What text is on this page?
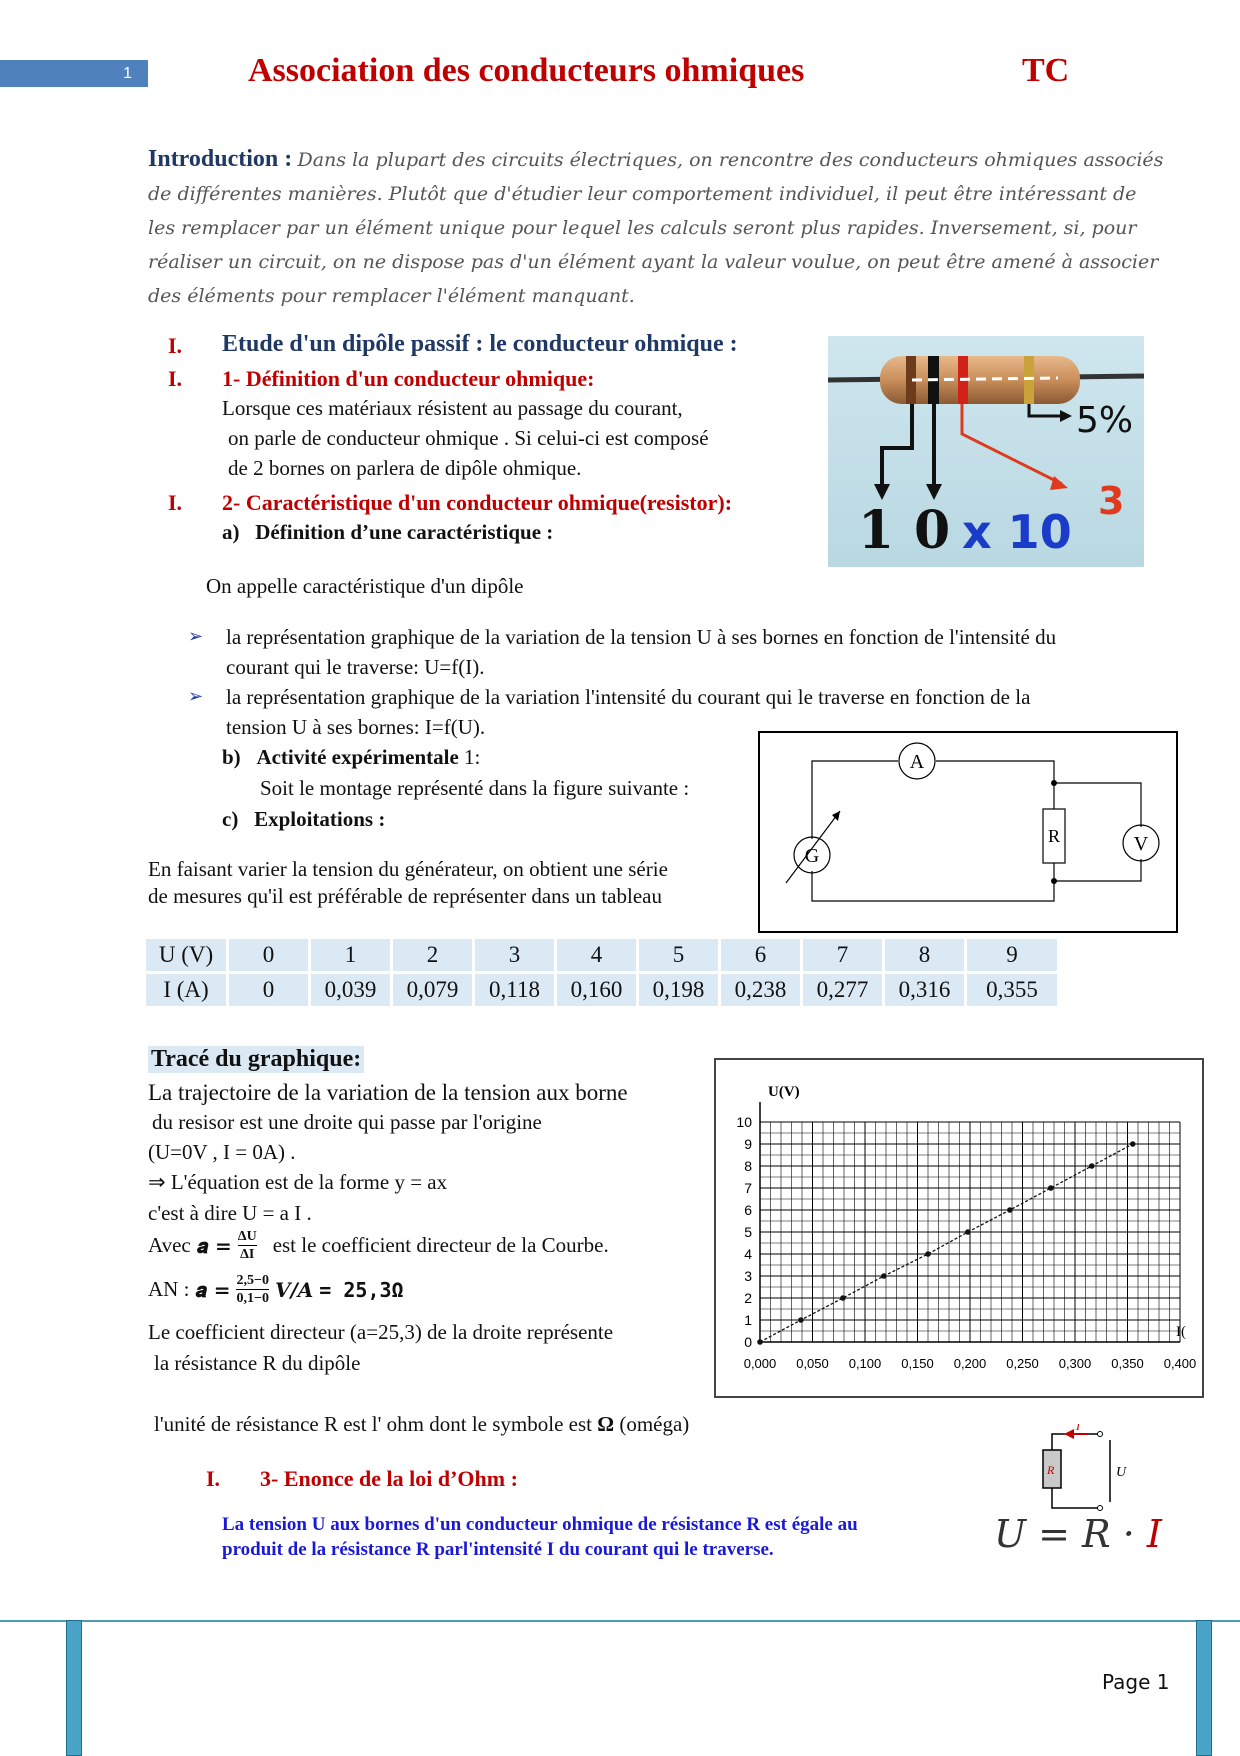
1	Association des conducteurs ohmiques	TC
Introduction : Dans la plupart des circuits électriques, on rencontre des conducteurs ohmiques associés de différentes manières. Plutôt que d'étudier leur comportement individuel, il peut être intéressant de les remplacer par un élément unique pour lequel les calculs seront plus rapides. Inversement, si, pour réaliser un circuit, on ne dispose pas d'un élément ayant la valeur voulue, on peut être amené à associer des éléments pour remplacer l'élément manquant.
I. Etude d'un dipôle passif : le conducteur ohmique :
I. 1- Définition d'un conducteur ohmique:
Lorsque ces matériaux résistent au passage du courant,
on parle de conducteur ohmique . Si celui-ci est composé
de 2 bornes on parlera de dipôle ohmique.
I. 2- Caractéristique d'un conducteur ohmique(resistor):
a) Définition d’une caractéristique :
5%
1 0 x 10
3
On appelle caractéristique d'un dipôle
➢ la représentation graphique de la variation de la tension U à ses bornes en fonction de l'intensité du
courant qui le traverse: U=f(I).
➢ la représentation graphique de la variation l'intensité du courant qui le traverse en fonction de la
tension U à ses bornes: I=f(U).
b) Activité expérimentale 1:
Soit le montage représenté dans la figure suivante :
c) Exploitations :
En faisant varier la tension du générateur, on obtient une série
de mesures qu'il est préférable de représenter dans un tableau
A
G
R	V
U (V)	0	1	2	3	4	5	6	7	8	9
I (A)	0	0,039	0,079	0,118	0,160	0,198	0,238	0,277	0,316	0,355
Tracé du graphique:
La trajectoire de la variation de la tension aux borne
du resisor est une droite qui passe par l'origine
(U=0V , I = 0A) .
⇒ L'équation est de la forme y = ax
c'est à dire U = a I .
Avec 𝒂 = $\frac{\Delta U}{\Delta I}$ est le coefficient directeur de la Courbe.
AN : 𝒂 = $\frac{2,5-0}{0,1-0} V/A = 25,3\Omega$
Le coefficient directeur (a=25,3) de la droite représente
la résistance R du dipôle
l'unité de résistance R est l' ohm dont le symbole est Ω (oméga)
0
1
2
3
4
5
6
7
8
9
10
0,000 0,050 0,100 0,150 0,200 0,250 0,300 0,350 0,400
U(V)
I(
I. 3- Enonce de la loi d’Ohm :
La tension U aux bornes d'un conducteur ohmique de résistance R est égale au
produit de la résistance R parl'intensité I du courant qui le traverse.
I
R	U
U = R · I
Page 1
